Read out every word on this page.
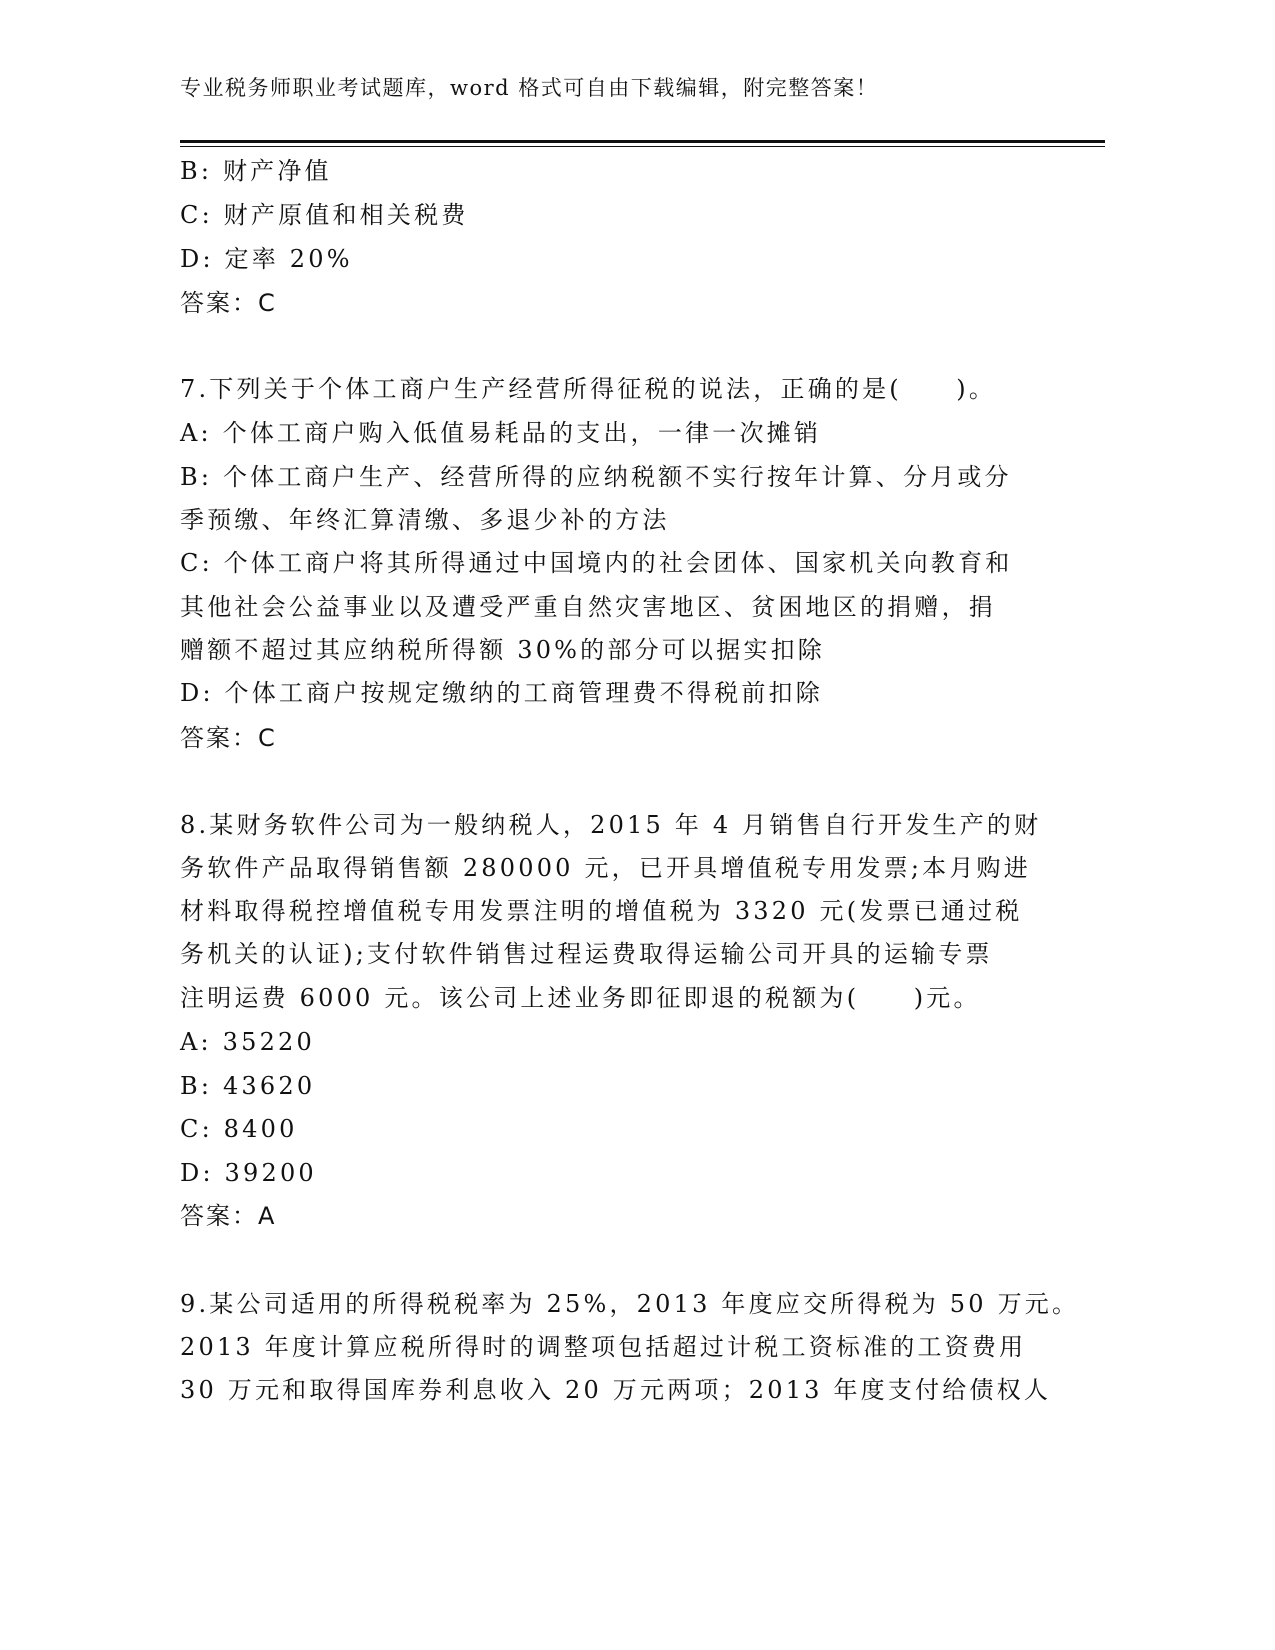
专业税务师职业考试题库，word 格式可自由下载编辑，附完整答案！
B: 财产净值
C: 财产原值和相关税费
D: 定率 20%
答案：C
7.下列关于个体工商户生产经营所得征税的说法，正确的是(　　)。
A: 个体工商户购入低值易耗品的支出，一律一次摊销
B: 个体工商户生产、经营所得的应纳税额不实行按年计算、分月或分
季预缴、年终汇算清缴、多退少补的方法
C: 个体工商户将其所得通过中国境内的社会团体、国家机关向教育和
其他社会公益事业以及遭受严重自然灾害地区、贫困地区的捐赠，捐
赠额不超过其应纳税所得额 30%的部分可以据实扣除
D: 个体工商户按规定缴纳的工商管理费不得税前扣除
答案：C
8.某财务软件公司为一般纳税人，2015 年 4 月销售自行开发生产的财
务软件产品取得销售额 280000 元，已开具增值税专用发票;本月购进
材料取得税控增值税专用发票注明的增值税为 3320 元(发票已通过税
务机关的认证);支付软件销售过程运费取得运输公司开具的运输专票
注明运费 6000 元。该公司上述业务即征即退的税额为(　　)元。
A: 35220
B: 43620
C: 8400
D: 39200
答案：A
9.某公司适用的所得税税率为 25%，2013 年度应交所得税为 50 万元。
2013 年度计算应税所得时的调整项包括超过计税工资标准的工资费用
30 万元和取得国库券利息收入 20 万元两项；2013 年度支付给债权人
